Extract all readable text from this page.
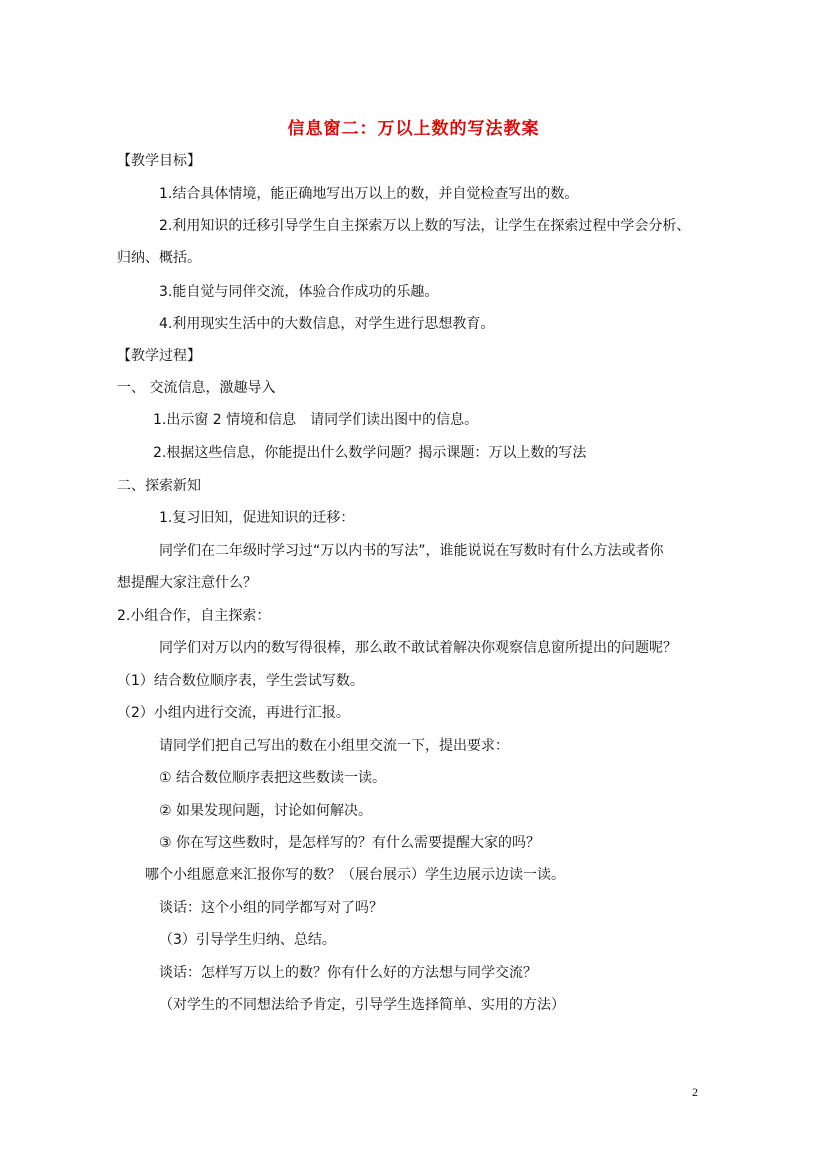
信息窗二：万以上数的写法教案
【教学目标】
1.结合具体情境，能正确地写出万以上的数，并自觉检查写出的数。
2.利用知识的迁移引导学生自主探索万以上数的写法，让学生在探索过程中学会分析、
归纳、概括。
3.能自觉与同伴交流，体验合作成功的乐趣。
4.利用现实生活中的大数信息，对学生进行思想教育。
【教学过程】
一、 交流信息，激趣导入
1.出示窗 2 情境和信息　请同学们读出图中的信息。
2.根据这些信息，你能提出什么数学问题？揭示课题：万以上数的写法
二、探索新知
1.复习旧知，促进知识的迁移：
同学们在二年级时学习过“万以内书的写法”，谁能说说在写数时有什么方法或者你
想提醒大家注意什么？
2.小组合作，自主探索：
同学们对万以内的数写得很棒，那么敢不敢试着解决你观察信息窗所提出的问题呢？
（1）结合数位顺序表，学生尝试写数。
（2）小组内进行交流，再进行汇报。
请同学们把自己写出的数在小组里交流一下，提出要求：
① 结合数位顺序表把这些数读一读。
② 如果发现问题，讨论如何解决。
③ 你在写这些数时，是怎样写的？有什么需要提醒大家的吗？
哪个小组愿意来汇报你写的数？（展台展示）学生边展示边读一读。
谈话：这个小组的同学都写对了吗？
（3）引导学生归纳、总结。
谈话：怎样写万以上的数？你有什么好的方法想与同学交流？
（对学生的不同想法给予肯定，引导学生选择简单、实用的方法）
2
